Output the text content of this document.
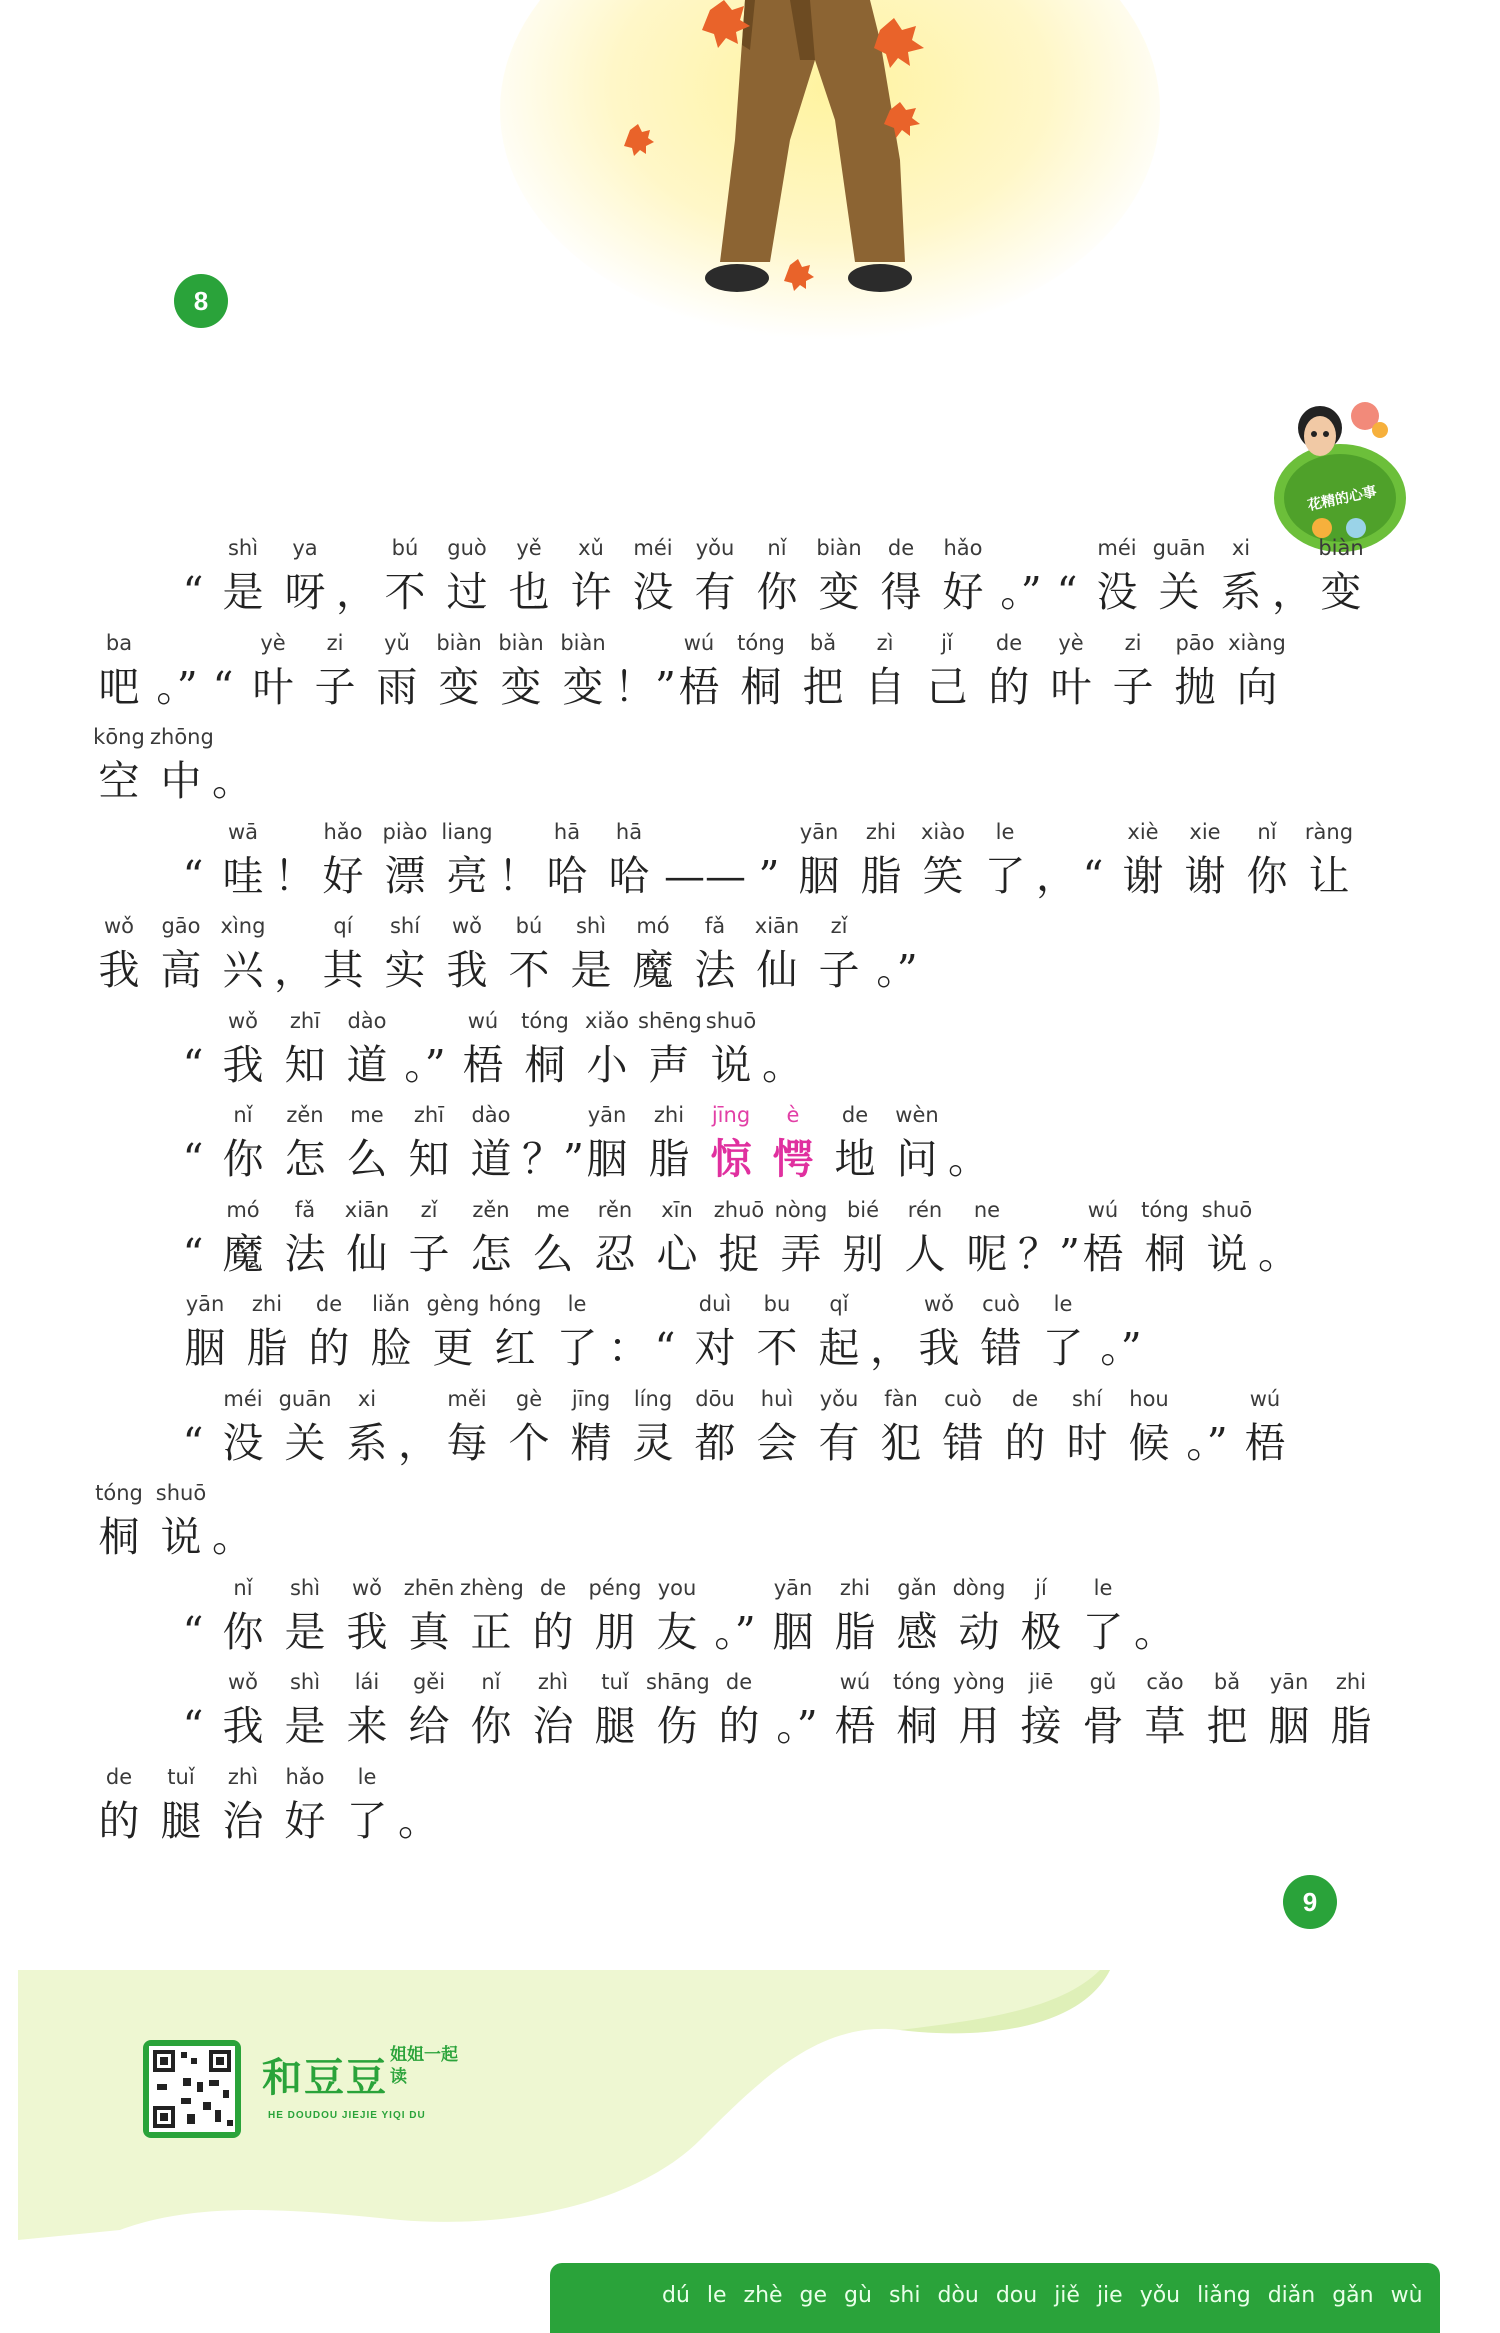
8
花精的心事
“
shì
是
ya
呀 ，
bú
不
guò
过
yě
也
xǔ
许
méi
没
yǒu
有
nǐ
你
biàn
变
de
得
hǎo
好 。” “
méi
没
guān
关
xi
系 ，
biàn
变
ba
吧 。” “
yè
叶
zi
子
yǔ
雨
biàn
变
biàn
变
biàn
变 ！”
wú
梧
tóng
桐
bǎ
把
zì
自
jǐ
己
de
的
yè
叶
zi
子
pāo
抛
xiàng
向
kōng
空
zhōng
中 。
“
wā
哇 ！
hǎo
好
piào
漂
liang
亮 ！
hā
哈
hā
哈 —— ”
yān
胭
zhi
脂
xiào
笑
le
了 ， “
xiè
谢
xie
谢
nǐ
你
ràng
让
wǒ
我
gāo
高
xìng
兴 ，
qí
其
shí
实
wǒ
我
bú
不
shì
是
mó
魔
fǎ
法
xiān
仙
zǐ
子 。”
“
wǒ
我
zhī
知
dào
道 。”
wú
梧
tóng
桐
xiǎo
小
shēng
声
shuō
说 。
“
nǐ
你
zěn
怎
me
么
zhī
知
dào
道 ？”
yān
胭
zhi
脂
jīng
惊
è
愕
de
地
wèn
问 。
“
mó
魔
fǎ
法
xiān
仙
zǐ
子
zěn
怎
me
么
rěn
忍
xīn
心
zhuō
捉
nòng
弄
bié
别
rén
人
ne
呢 ？”
wú
梧
tóng
桐
shuō
说 。
yān
胭
zhi
脂
de
的
liǎn
脸
gèng
更
hóng
红
le
了 ： “
duì
对
bu
不
qǐ
起 ，
wǒ
我
cuò
错
le
了 。”
“
méi
没
guān
关
xi
系 ，
měi
每
gè
个
jīng
精
líng
灵
dōu
都
huì
会
yǒu
有
fàn
犯
cuò
错
de
的
shí
时
hou
候 。”
wú
梧
tóng
桐
shuō
说 。
“
nǐ
你
shì
是
wǒ
我
zhēn
真
zhèng
正
de
的
péng
朋
you
友 。”
yān
胭
zhi
脂
gǎn
感
dòng
动
jí
极
le
了 。
“
wǒ
我
shì
是
lái
来
gěi
给
nǐ
你
zhì
治
tuǐ
腿
shāng
伤
de
的 。”
wú
梧
tóng
桐
yòng
用
jiē
接
gǔ
骨
cǎo
草
bǎ
把
yān
胭
zhi
脂
de
的
tuǐ
腿
zhì
治
hǎo
好
le
了 。
9
和豆豆 姐姐一起读
HE DOUDOU JIEJIE YIQI DU
dú le zhè ge gù shi dòu dou jiě jie yǒu liǎng diǎn gǎn wù
